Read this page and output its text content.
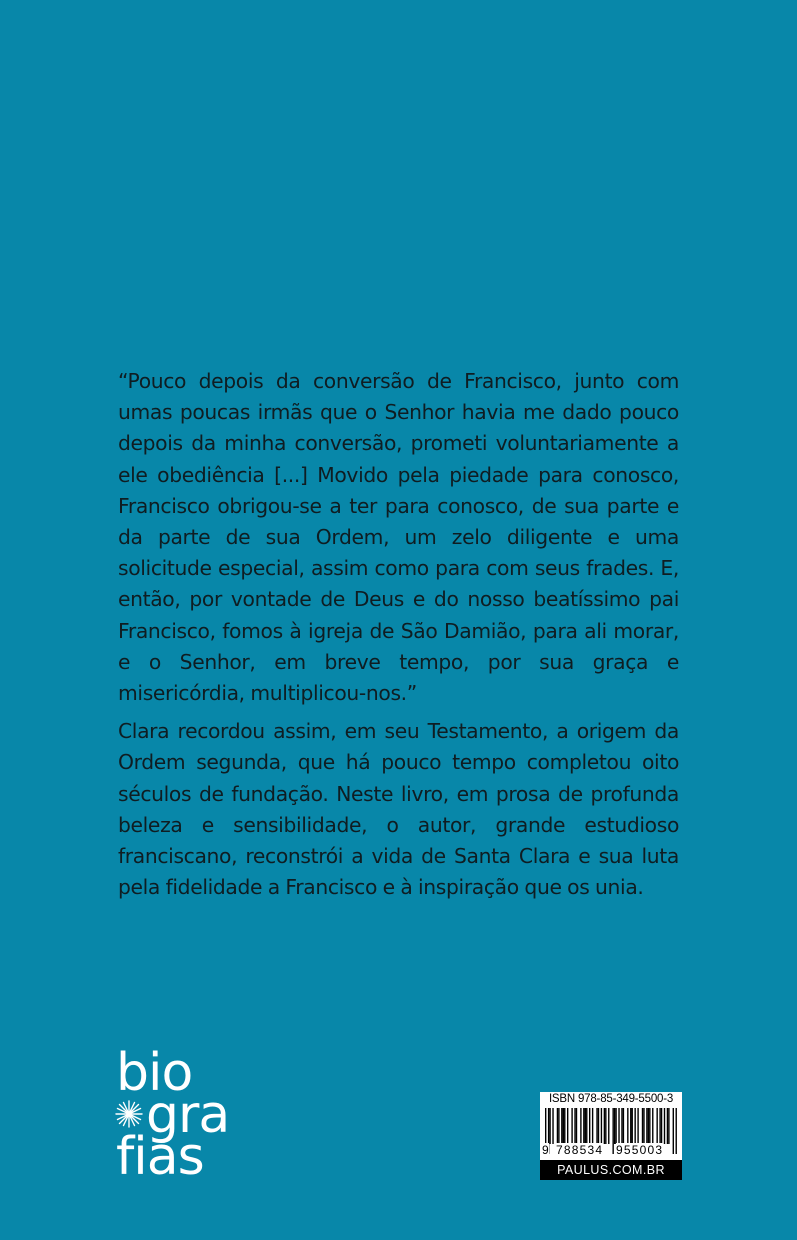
“Pouco depois da conversão de Francisco, junto com umas poucas irmãs que o Senhor havia me dado pouco depois da minha conversão, prometi voluntariamente a ele obediência [...] Movido pela piedade para conosco, Francisco obrigou-se a ter para conosco, de sua parte e da parte de sua Ordem, um zelo diligente e uma solicitude especial, assim como para com seus frades. E, então, por vontade de Deus e do nosso beatíssimo pai Francisco, fomos à igreja de São Damião, para ali morar, e o Senhor, em breve tempo, por sua graça e misericórdia, multiplicou-nos.”

Clara recordou assim, em seu Testamento, a origem da Ordem segunda, que há pouco tempo completou oito séculos de fundação. Neste livro, em prosa de profunda beleza e sensibilidade, o autor, grande estudioso franciscano, reconstrói a vida de Santa Clara e sua luta pela fidelidade a Francisco e à inspiração que os unia.

bio
gra
fias
ISBN 978-85-349-5500-3
9 788534 955003
PAULUS.COM.BR
